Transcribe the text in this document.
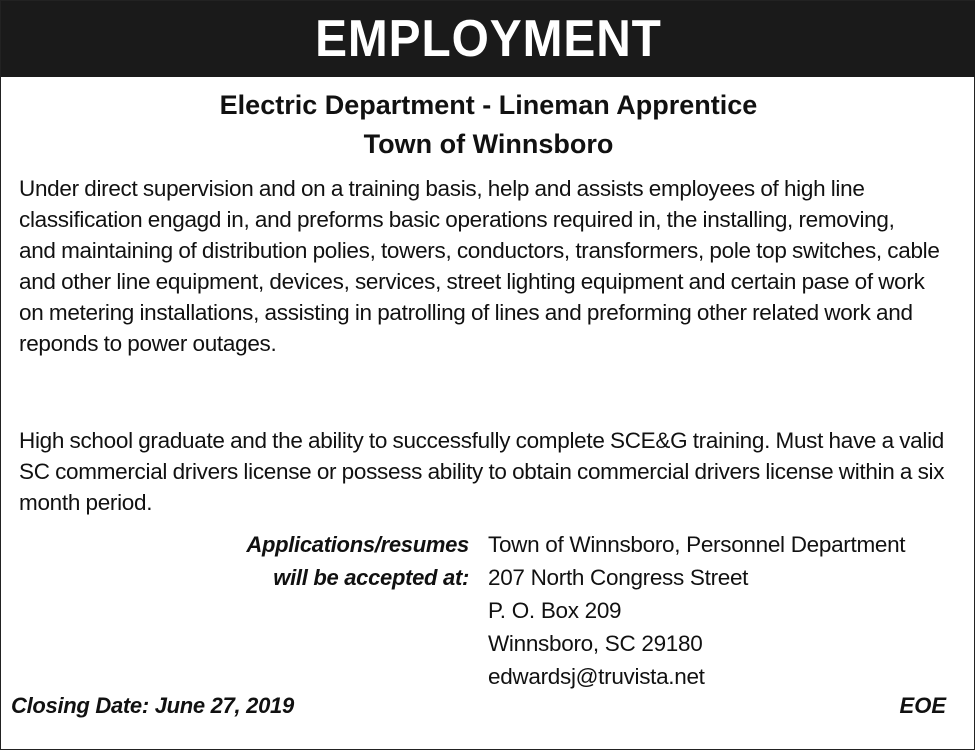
EMPLOYMENT
Electric Department - Lineman Apprentice
Town of Winnsboro
Under direct supervision and on a training basis, help and assists employees of high line
classification engagd in, and preforms basic operations required in, the installing, removing,
and maintaining of distribution polies, towers, conductors, transformers, pole top switches, cable
and other line equipment, devices, services, street lighting equipment and certain pase of work
on metering installations, assisting in patrolling of lines and preforming other related work and
reponds to power outages.
High school graduate and the ability to successfully complete SCE&G training. Must have a valid
SC commercial drivers license or possess ability to obtain commercial drivers license within a six
month period.
Applications/resumes
will be accepted at:
Town of Winnsboro, Personnel Department
207 North Congress Street
P. O. Box 209
Winnsboro, SC 29180
edwardsj@truvista.net
Closing Date: June 27, 2019	EOE
